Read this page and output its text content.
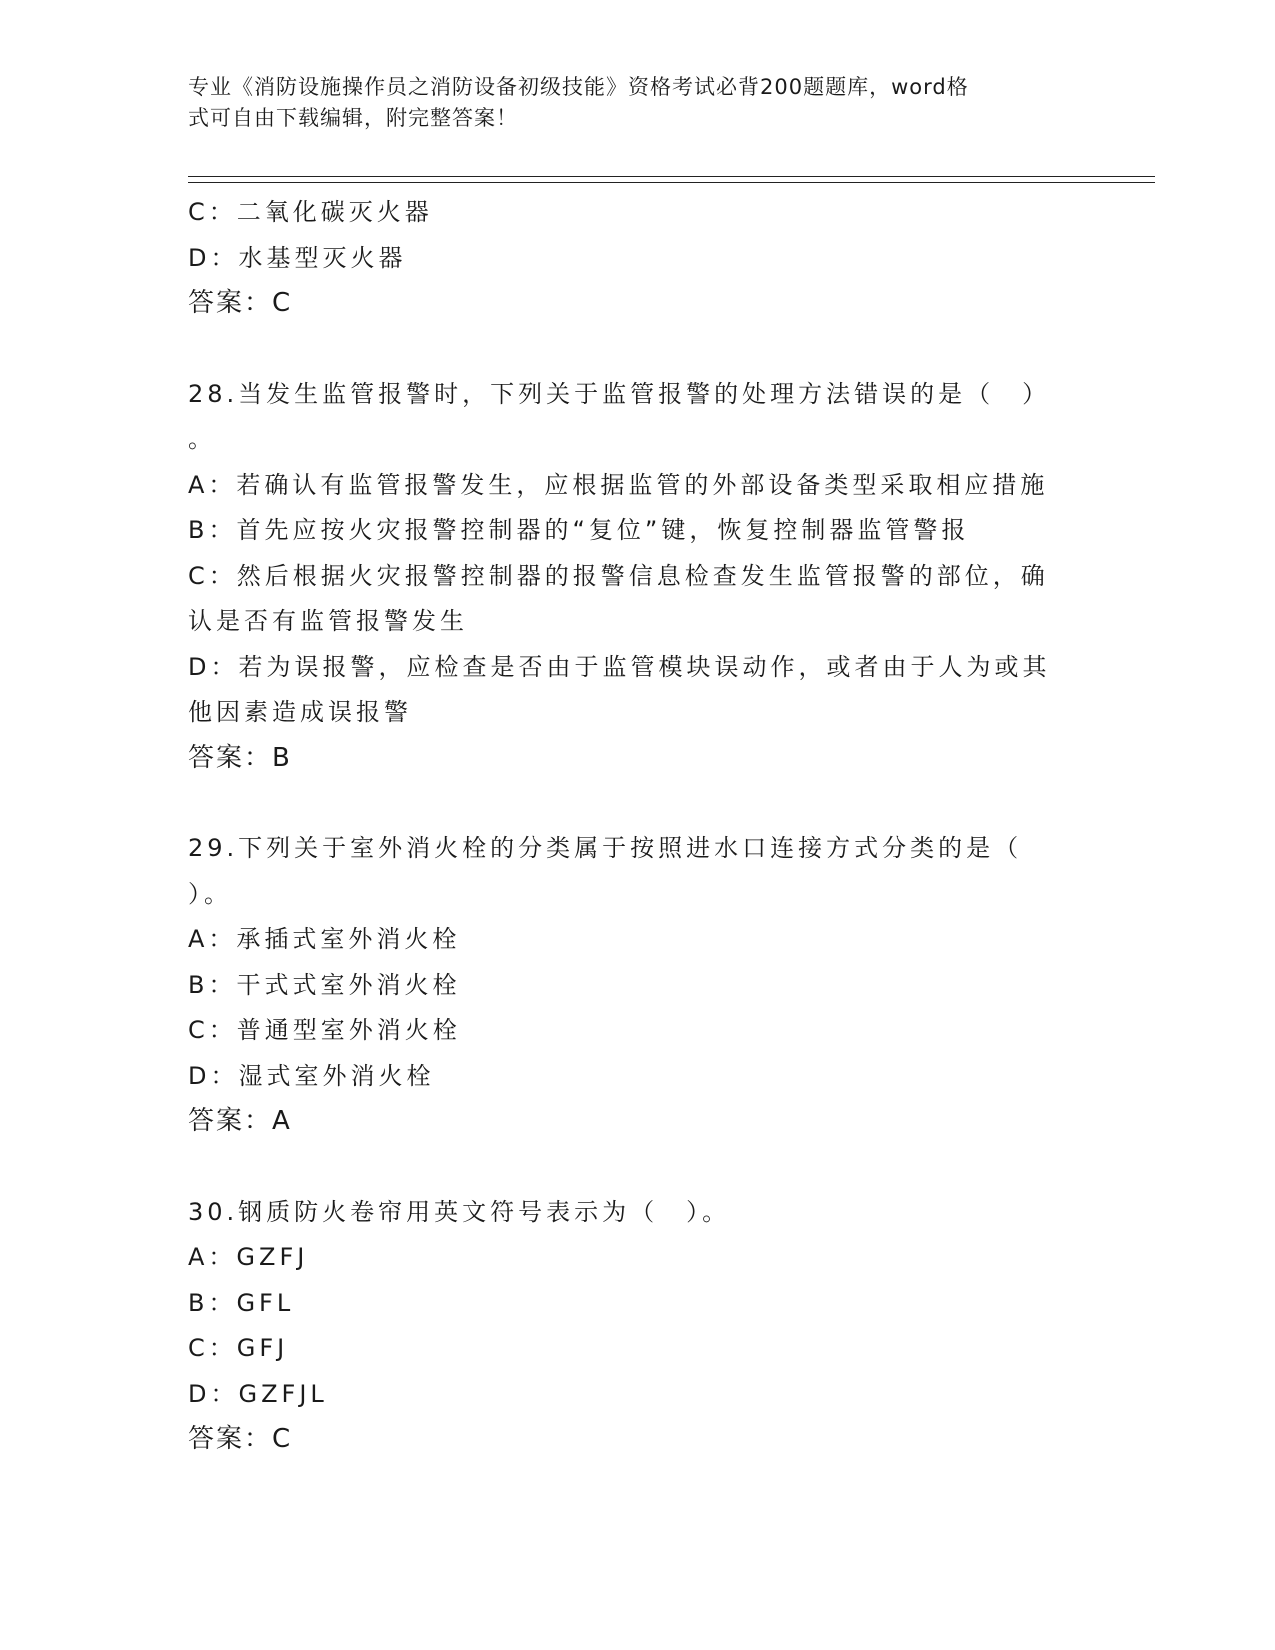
专业《消防设施操作员之消防设备初级技能》资格考试必背200题题库，word格
式可自由下载编辑，附完整答案！
C：二氧化碳灭火器
D：水基型灭火器
答案：C
28.当发生监管报警时，下列关于监管报警的处理方法错误的是（　）
。
A：若确认有监管报警发生，应根据监管的外部设备类型采取相应措施
B：首先应按火灾报警控制器的“复位”键，恢复控制器监管警报
C：然后根据火灾报警控制器的报警信息检查发生监管报警的部位，确
认是否有监管报警发生
D：若为误报警，应检查是否由于监管模块误动作，或者由于人为或其
他因素造成误报警
答案：B
29.下列关于室外消火栓的分类属于按照进水口连接方式分类的是（
）。
A：承插式室外消火栓
B：干式式室外消火栓
C：普通型室外消火栓
D：湿式室外消火栓
答案：A
30.钢质防火卷帘用英文符号表示为（　）。
A：GZFJ
B：GFL
C：GFJ
D：GZFJL
答案：C
